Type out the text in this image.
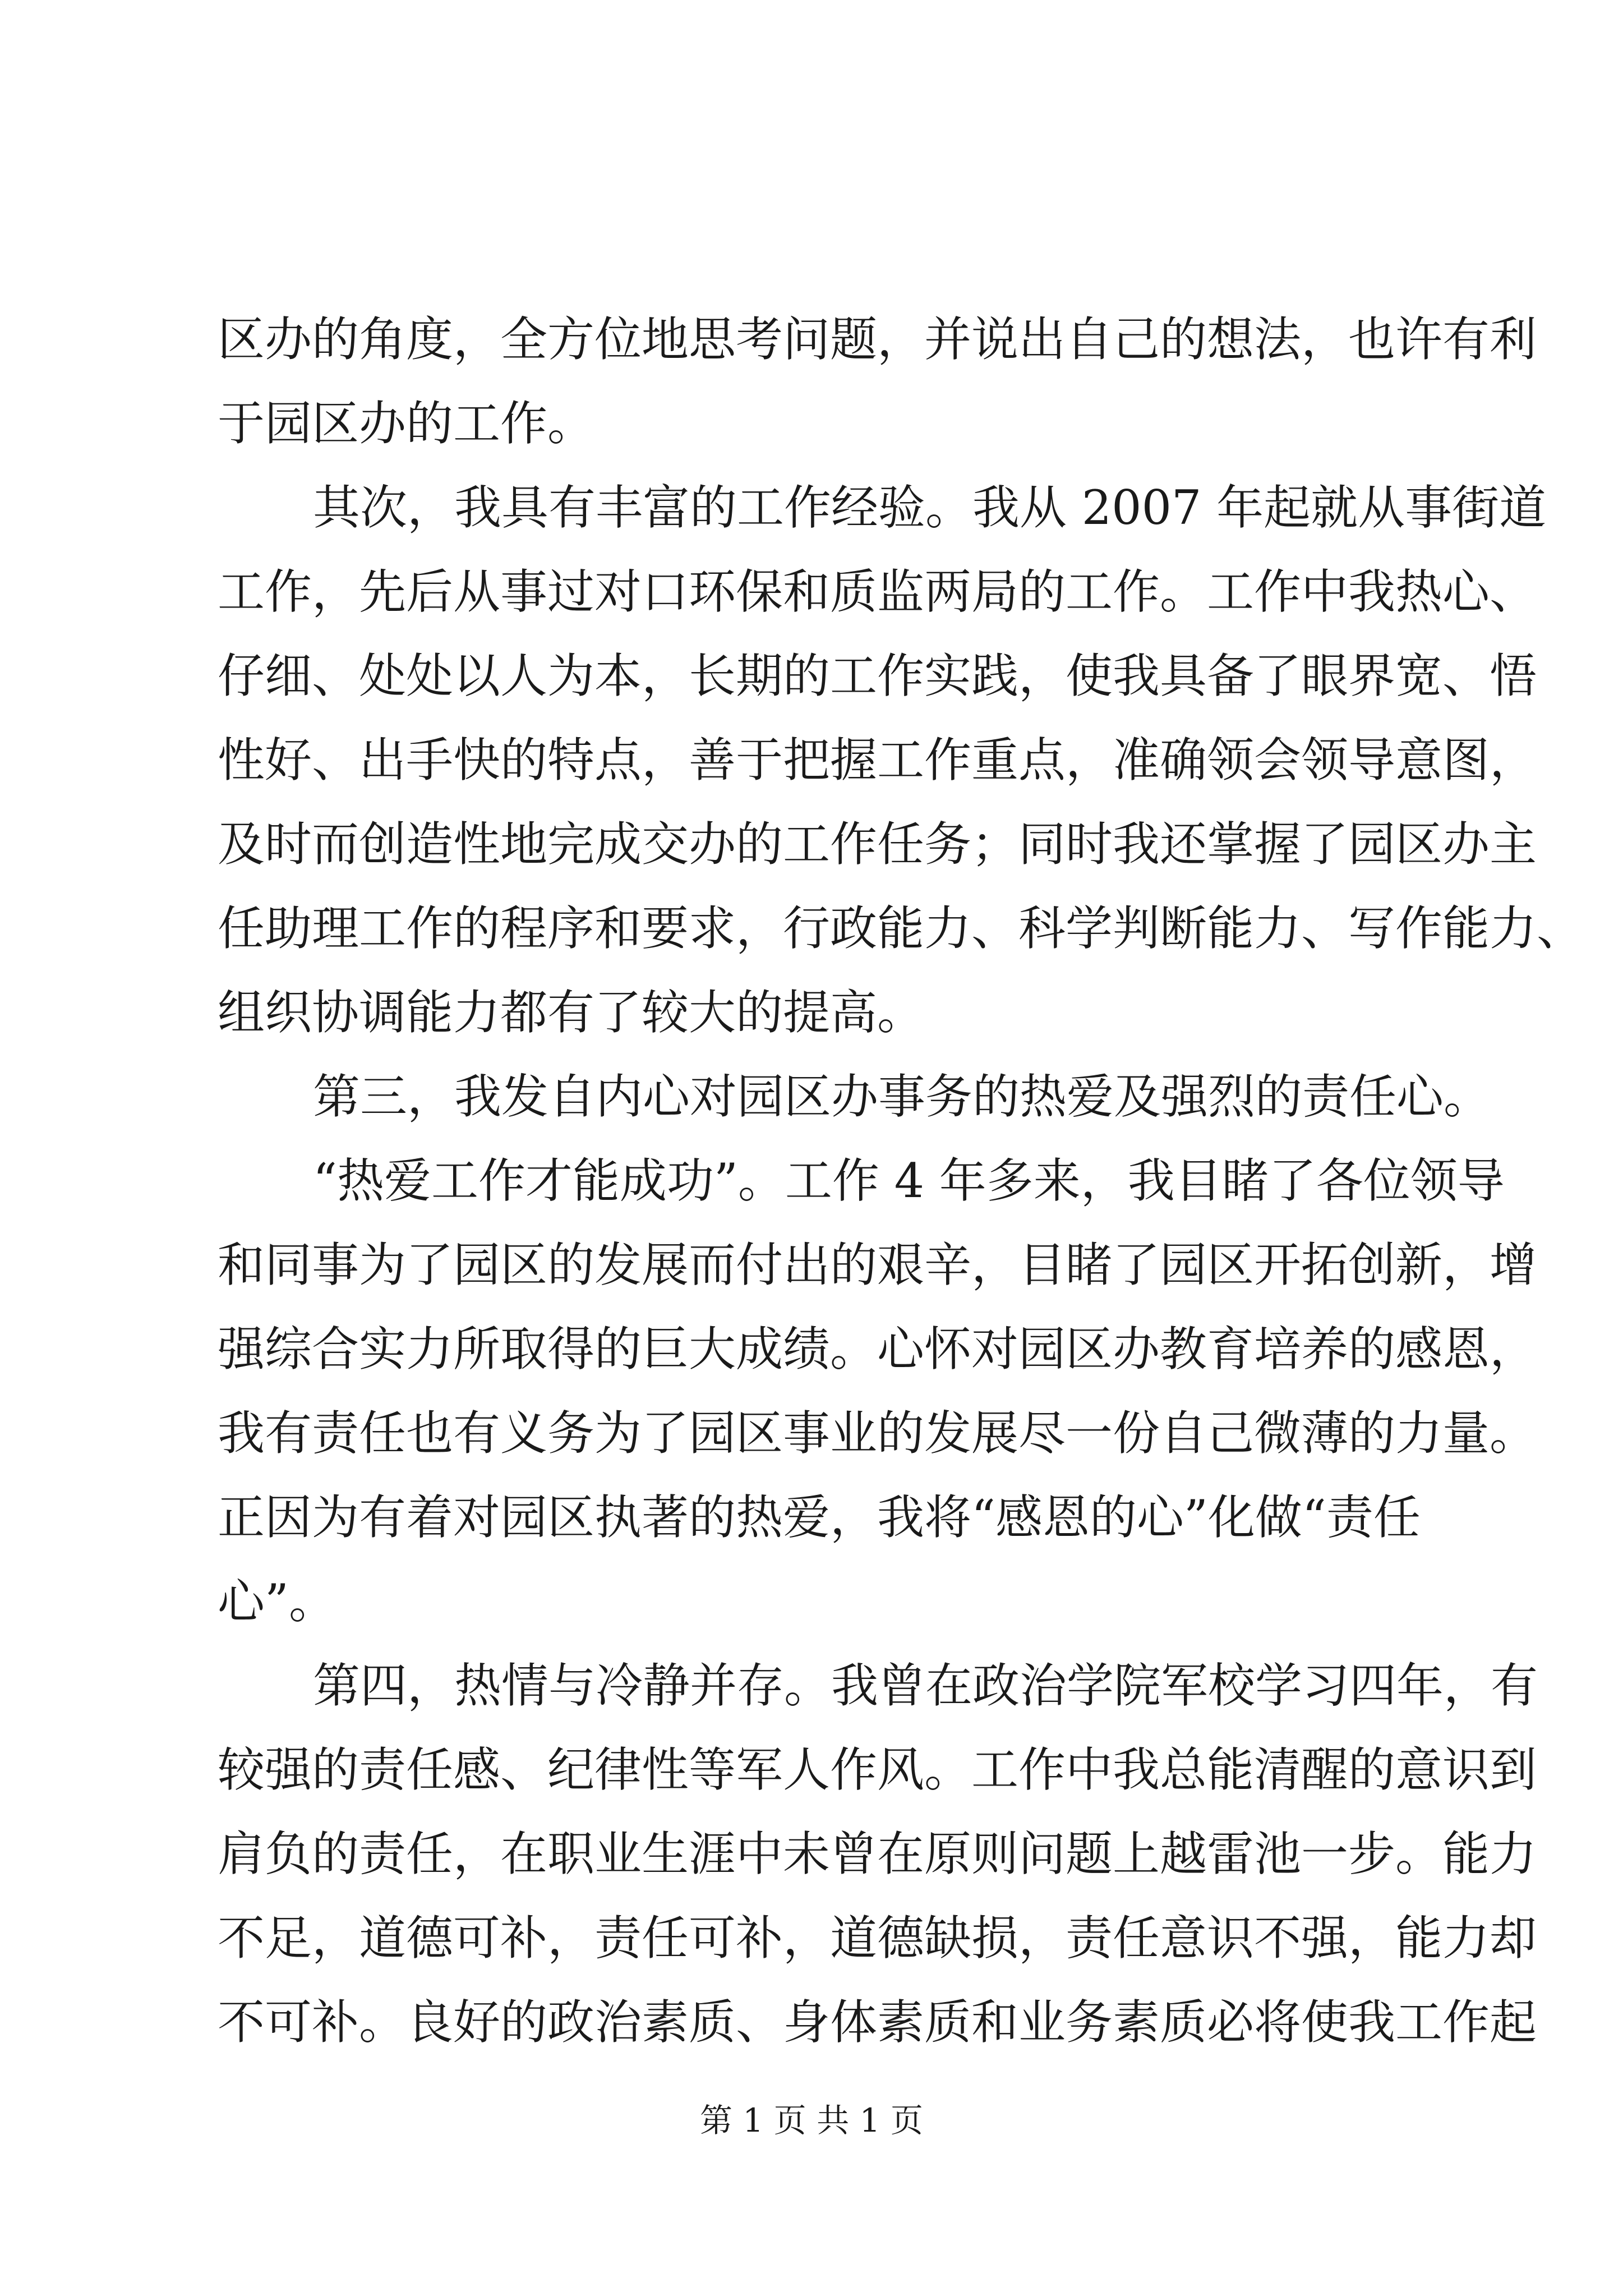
区办的角度，全方位地思考问题，并说出自己的想法，也许有利
于园区办的工作。
其次，我具有丰富的工作经验。我从 2007 年起就从事街道
工作，先后从事过对口环保和质监两局的工作。工作中我热心、
仔细、处处以人为本，长期的工作实践，使我具备了眼界宽、悟
性好、出手快的特点，善于把握工作重点，准确领会领导意图，
及时而创造性地完成交办的工作任务；同时我还掌握了园区办主
任助理工作的程序和要求，行政能力、科学判断能力、写作能力、
组织协调能力都有了较大的提高。
第三，我发自内心对园区办事务的热爱及强烈的责任心。
“热爱工作才能成功”。工作 4 年多来，我目睹了各位领导
和同事为了园区的发展而付出的艰辛，目睹了园区开拓创新，增
强综合实力所取得的巨大成绩。心怀对园区办教育培养的感恩，
我有责任也有义务为了园区事业的发展尽一份自己微薄的力量。
正因为有着对园区执著的热爱，我将“感恩的心”化做“责任
心”。
第四，热情与冷静并存。我曾在政治学院军校学习四年，有
较强的责任感、纪律性等军人作风。工作中我总能清醒的意识到
肩负的责任，在职业生涯中未曾在原则问题上越雷池一步。能力
不足，道德可补，责任可补，道德缺损，责任意识不强，能力却
不可补。良好的政治素质、身体素质和业务素质必将使我工作起
第 1 页 共 1 页
